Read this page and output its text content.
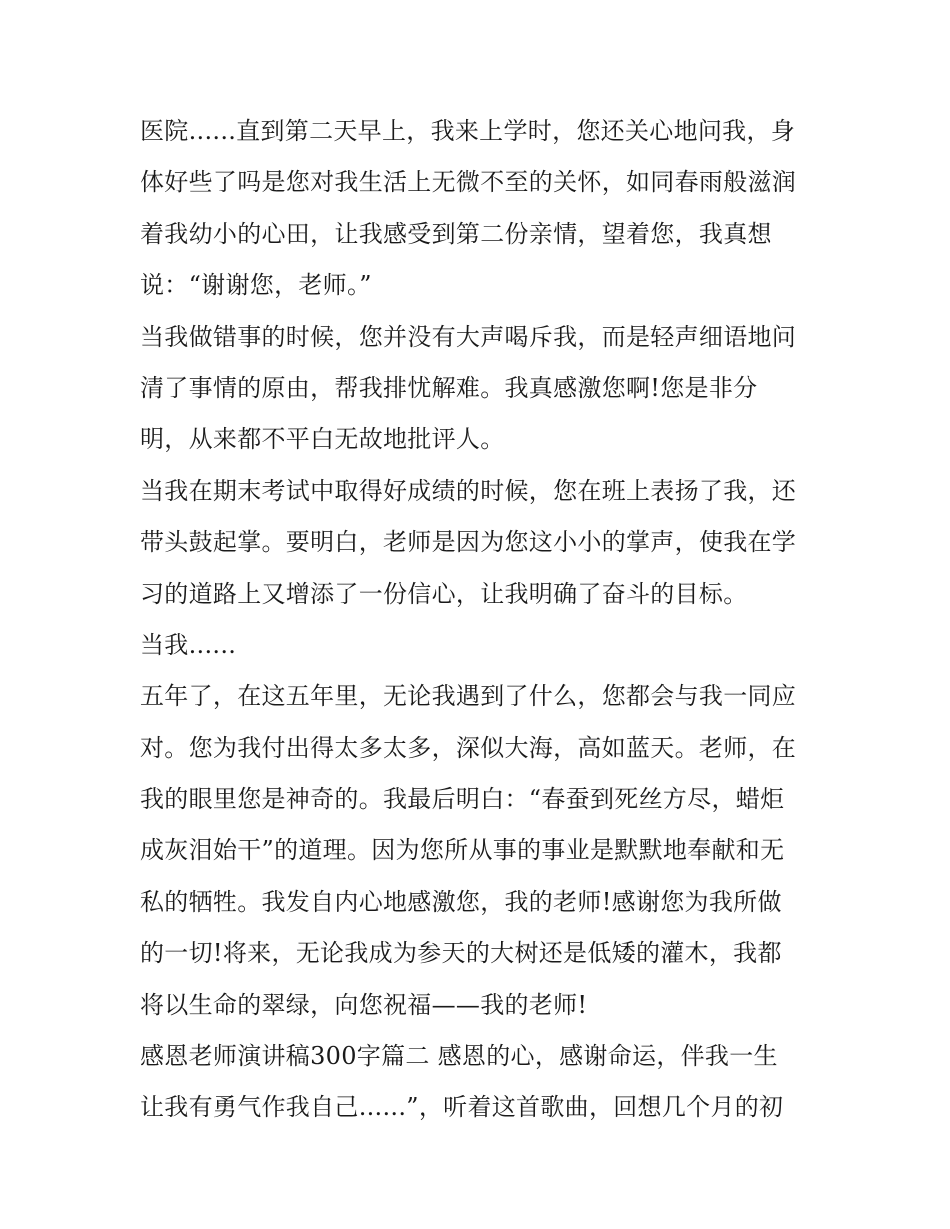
医院......直到第二天早上，我来上学时，您还关心地问我，身
体好些了吗是您对我生活上无微不至的关怀，如同春雨般滋润
着我幼小的心田，让我感受到第二份亲情，望着您，我真想
说：“谢谢您，老师。”
当我做错事的时候，您并没有大声喝斥我，而是轻声细语地问
清了事情的原由，帮我排忧解难。我真感激您啊!您是非分
明，从来都不平白无故地批评人。
当我在期末考试中取得好成绩的时候，您在班上表扬了我，还
带头鼓起掌。要明白，老师是因为您这小小的掌声，使我在学
习的道路上又增添了一份信心，让我明确了奋斗的目标。
当我......
五年了，在这五年里，无论我遇到了什么，您都会与我一同应
对。您为我付出得太多太多，深似大海，高如蓝天。老师，在
我的眼里您是神奇的。我最后明白：“春蚕到死丝方尽，蜡炬
成灰泪始干”的道理。因为您所从事的事业是默默地奉献和无
私的牺牲。我发自内心地感激您，我的老师!感谢您为我所做
的一切!将来，无论我成为参天的大树还是低矮的灌木，我都
将以生命的翠绿，向您祝福——我的老师!
感恩老师演讲稿300字篇二 感恩的心，感谢命运，伴我一生
让我有勇气作我自己......”，听着这首歌曲，回想几个月的初
